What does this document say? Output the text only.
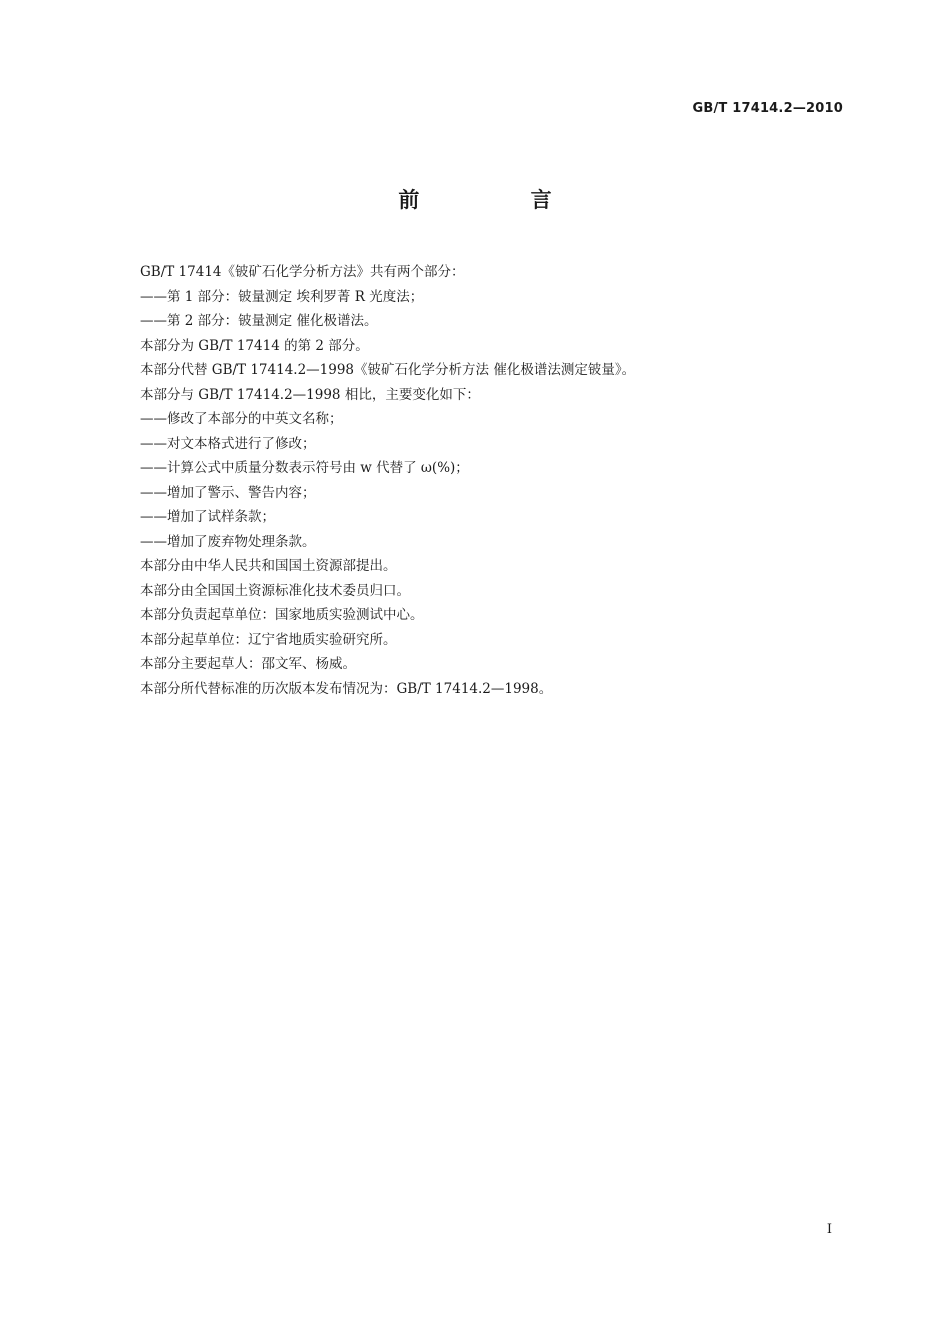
GB/T 17414.2—2010
前 言
GB/T 17414《铍矿石化学分析方法》共有两个部分：
——第 1 部分：铍量测定 埃利罗菁 R 光度法；
——第 2 部分：铍量测定 催化极谱法。
本部分为 GB/T 17414 的第 2 部分。
本部分代替 GB/T 17414.2—1998《铍矿石化学分析方法 催化极谱法测定铍量》。
本部分与 GB/T 17414.2—1998 相比，主要变化如下：
——修改了本部分的中英文名称；
——对文本格式进行了修改；
——计算公式中质量分数表示符号由 w 代替了 ω(%)；
——增加了警示、警告内容；
——增加了试样条款；
——增加了废弃物处理条款。
本部分由中华人民共和国国土资源部提出。
本部分由全国国土资源标准化技术委员归口。
本部分负责起草单位：国家地质实验测试中心。
本部分起草单位：辽宁省地质实验研究所。
本部分主要起草人：邵文军、杨威。
本部分所代替标准的历次版本发布情况为：GB/T 17414.2—1998。
I
